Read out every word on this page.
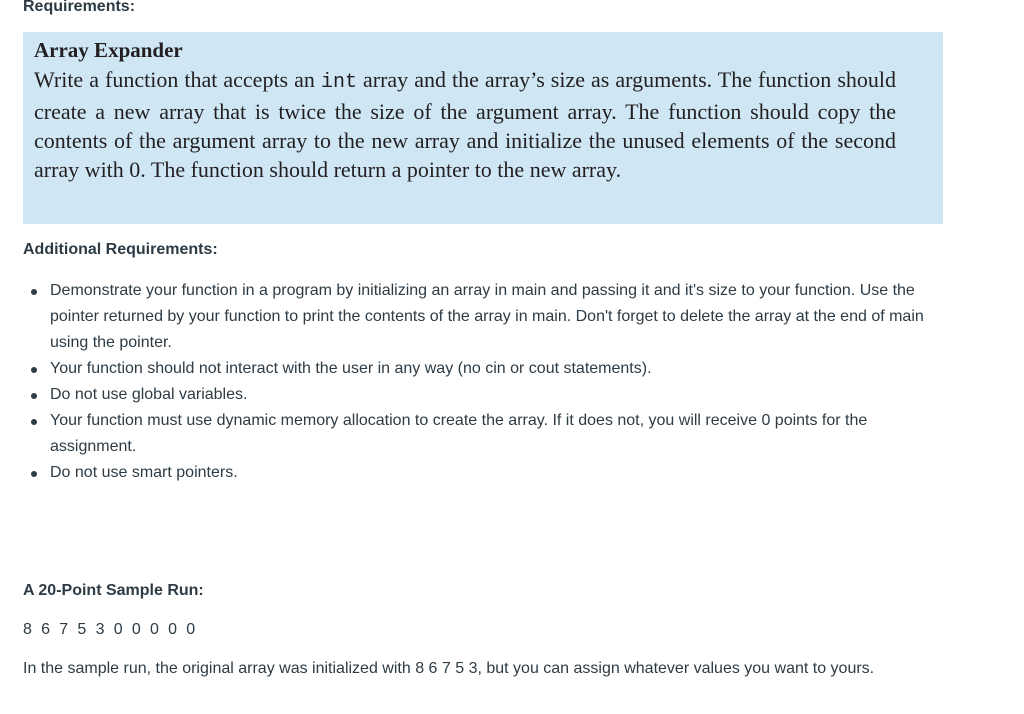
Requirements:

Array Expander

Write a function that accepts an int array and the array’s size as arguments. The function should create a new array that is twice the size of the argument array. The function should copy the contents of the argument array to the new array and initialize the unused elements of the second array with 0. The function should return a pointer to the new array.

Additional Requirements:
Demonstrate your function in a program by initializing an array in main and passing it and it's size to your function. Use the pointer returned by your function to print the contents of the array in main. Don't forget to delete the array at the end of main using the pointer.
Your function should not interact with the user in any way (no cin or cout statements).
Do not use global variables.
Your function must use dynamic memory allocation to create the array. If it does not, you will receive 0 points for the assignment.
Do not use smart pointers.
A 20-Point Sample Run:

8 6 7 5 3 0 0 0 0 0

In the sample run, the original array was initialized with 8 6 7 5 3, but you can assign whatever values you want to yours.
